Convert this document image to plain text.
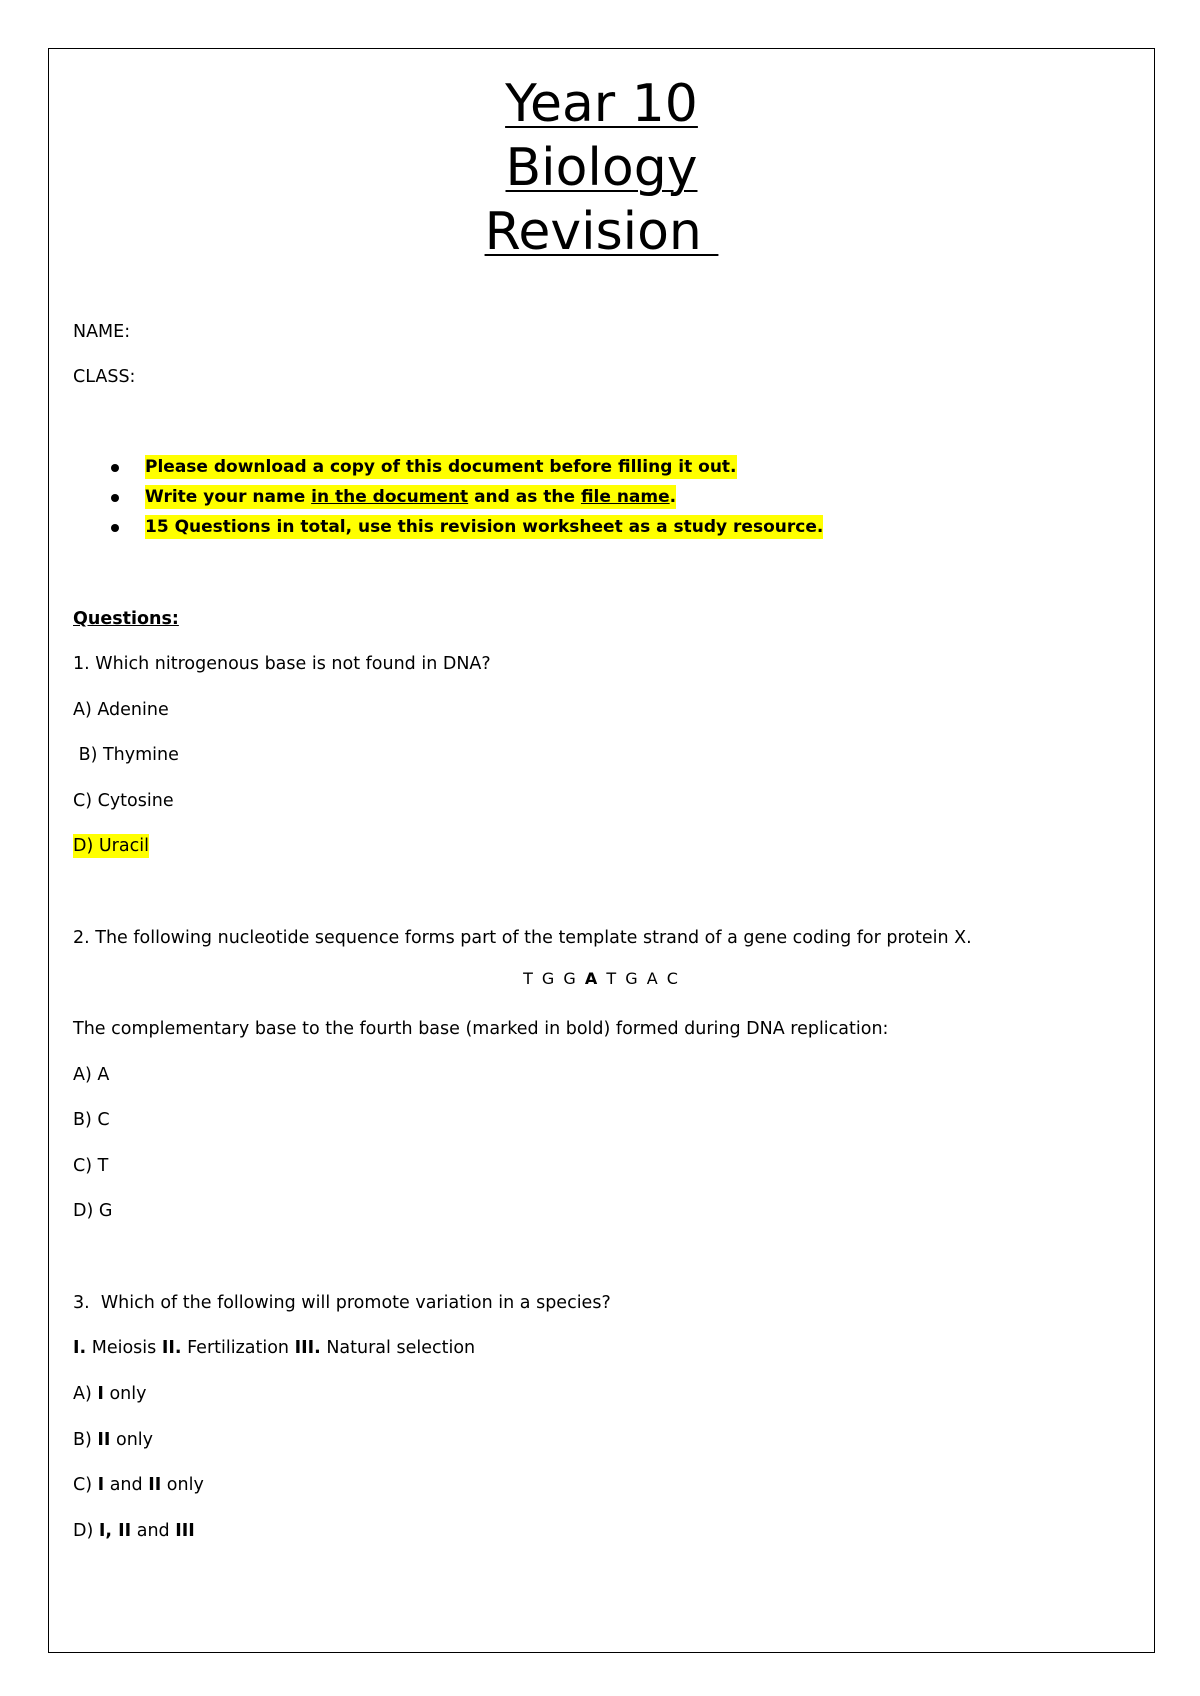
Year 10
Biology
Revision
NAME:
CLASS:
Please download a copy of this document before filling it out.
Write your name in the document and as the file name.
15 Questions in total, use this revision worksheet as a study resource.
Questions:
1. Which nitrogenous base is not found in DNA?
A) Adenine
B) Thymine
C) Cytosine
D) Uracil
2. The following nucleotide sequence forms part of the template strand of a gene coding for protein X.
T G G A T G A C
The complementary base to the fourth base (marked in bold) formed during DNA replication:
A) A
B) C
C) T
D) G
3.  Which of the following will promote variation in a species?
I. Meiosis II. Fertilization III. Natural selection
A) I only
B) II only
C) I and II only
D) I, II and III
